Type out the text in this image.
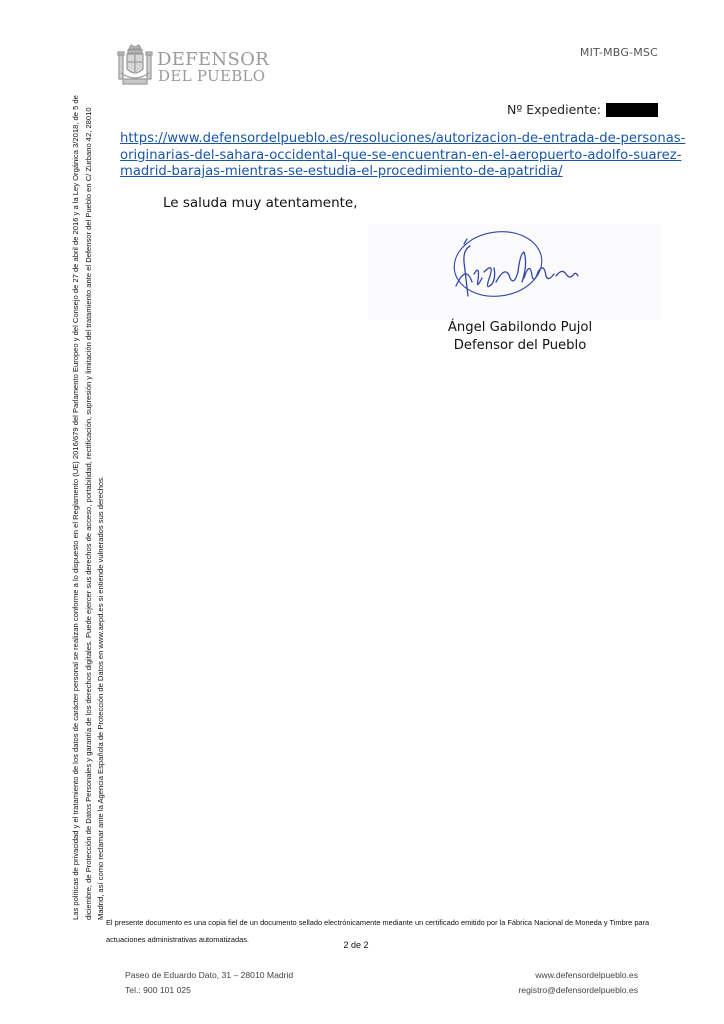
DEFENSOR
DEL PUEBLO
MIT-MBG-MSC
Nº Expediente:
https://www.defensordelpueblo.es/resoluciones/autorizacion-de-entrada-de-personas-
originarias-del-sahara-occidental-que-se-encuentran-en-el-aeropuerto-adolfo-suarez-
madrid-barajas-mientras-se-estudia-el-procedimiento-de-apatridia/
Le saluda muy atentamente,
Ángel Gabilondo Pujol
Defensor del Pueblo
Las políticas de privacidad y el tratamiento de los datos de carácter personal se realizan conforme a lo dispuesto en el Reglamento (UE) 2016/679 del Parlamento Europeo y del Consejo de 27 de abril de 2016 y a la Ley Orgánica 3/2018, de 5 de diciembre, de Protección de Datos Personales y garantía de los derechos digitales. Puede ejercer sus derechos de acceso, portabilidad, rectificación, supresión y limitación del tratamiento ante el Defensor del Pueblo en C/ Zurbano 42, 28010 Madrid, así como reclamar ante la Agencia Española de Protección de Datos en www.aepd.es si entiende vulnerados sus derechos.
El presente documento es una copia fiel de un documento sellado electrónicamente mediante un certificado emitido por la Fábrica Nacional de Moneda y Timbre para
actuaciones administrativas automatizadas.
2 de 2
Paseo de Eduardo Dato, 31 – 28010 Madrid
Tel.: 900 101 025
www.defensordelpueblo.es
registro@defensordelpueblo.es
